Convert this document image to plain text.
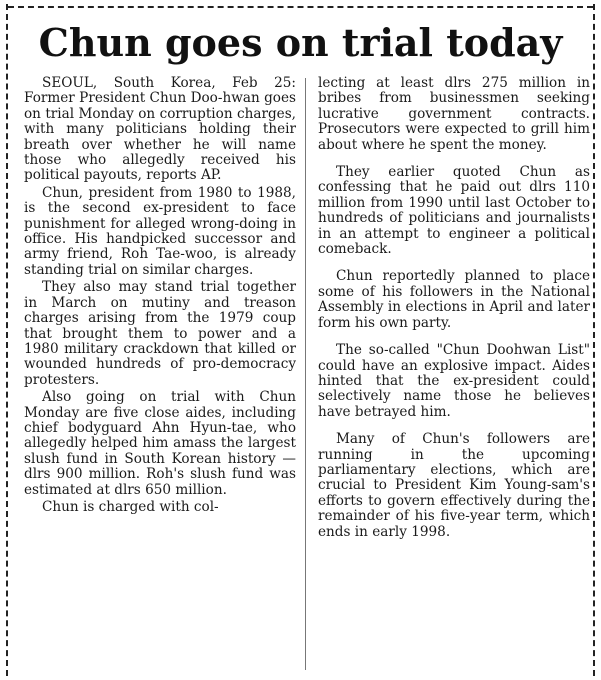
Chun goes on trial today

SEOUL, South Korea, Feb 25: Former President Chun Doo-hwan goes on trial Monday on corruption charges, with many politicians holding their breath over whether he will name those who allegedly received his political payouts, reports AP.

Chun, president from 1980 to 1988, is the second ex-president to face punishment for alleged wrong-doing in office. His handpicked successor and army friend, Roh Tae-woo, is already standing trial on similar charges.

They also may stand trial together in March on mutiny and treason charges arising from the 1979 coup that brought them to power and a 1980 military crackdown that killed or wounded hundreds of pro-democracy protesters.

Also going on trial with Chun Monday are five close aides, including chief bodyguard Ahn Hyun-tae, who allegedly helped him amass the largest slush fund in South Korean history — dlrs 900 million. Roh's slush fund was estimated at dlrs 650 million.

Chun is charged with col-

lecting at least dlrs 275 million in bribes from businessmen seeking lucrative government contracts. Prosecutors were expected to grill him about where he spent the money.

They earlier quoted Chun as confessing that he paid out dlrs 110 million from 1990 until last October to hundreds of politicians and journalists in an attempt to engineer a political comeback.

Chun reportedly planned to place some of his followers in the National Assembly in elections in April and later form his own party.

The so-called "Chun Doohwan List" could have an explosive impact. Aides hinted that the ex-president could selectively name those he believes have betrayed him.

Many of Chun's followers are running in the upcoming parliamentary elections, which are crucial to President Kim Young-sam's efforts to govern effectively during the remainder of his five-year term, which ends in early 1998.
